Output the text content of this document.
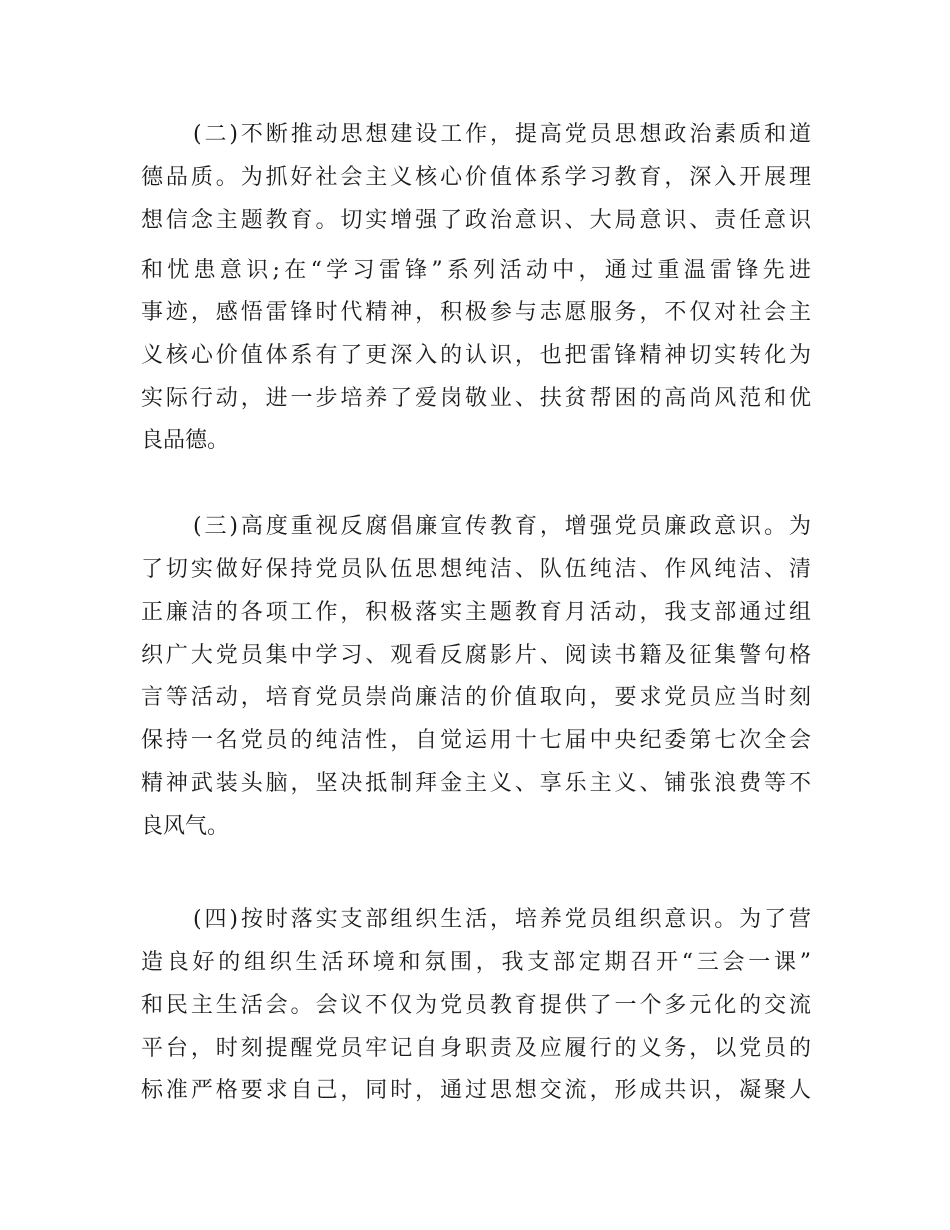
(二)不断推动思想建设工作，提高党员思想政治素质和道

德品质。为抓好社会主义核心价值体系学习教育，深入开展理

想信念主题教育。切实增强了政治意识、大局意识、责任意识

和忧患意识;在“学习雷锋”系列活动中，通过重温雷锋先进

事迹，感悟雷锋时代精神，积极参与志愿服务，不仅对社会主

义核心价值体系有了更深入的认识，也把雷锋精神切实转化为

实际行动，进一步培养了爱岗敬业、扶贫帮困的高尚风范和优

良品德。

(三)高度重视反腐倡廉宣传教育，增强党员廉政意识。为

了切实做好保持党员队伍思想纯洁、队伍纯洁、作风纯洁、清

正廉洁的各项工作，积极落实主题教育月活动，我支部通过组

织广大党员集中学习、观看反腐影片、阅读书籍及征集警句格

言等活动，培育党员崇尚廉洁的价值取向，要求党员应当时刻

保持一名党员的纯洁性，自觉运用十七届中央纪委第七次全会

精神武装头脑，坚决抵制拜金主义、享乐主义、铺张浪费等不

良风气。

(四)按时落实支部组织生活，培养党员组织意识。为了营

造良好的组织生活环境和氛围，我支部定期召开“三会一课”

和民主生活会。会议不仅为党员教育提供了一个多元化的交流

平台，时刻提醒党员牢记自身职责及应履行的义务，以党员的

标准严格要求自己，同时，通过思想交流，形成共识，凝聚人
